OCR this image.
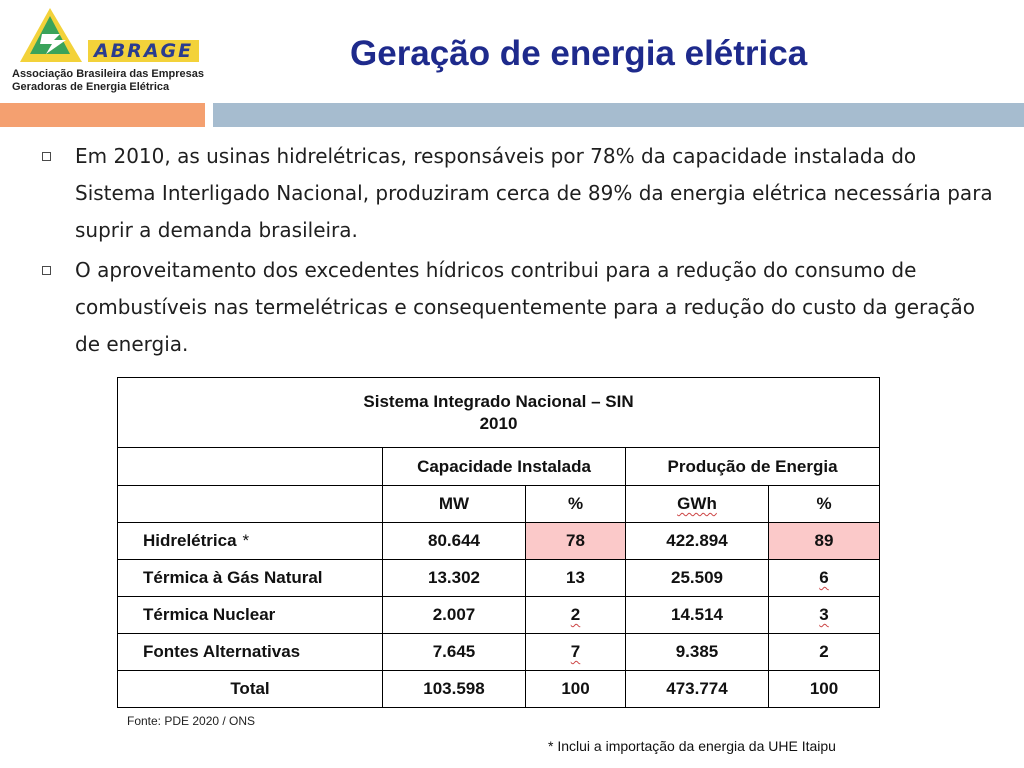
ABRAGE
Associação Brasileira das Empresas
Geradoras de Energia Elétrica
Geração de energia elétrica
Em 2010, as usinas hidrelétricas, responsáveis por 78% da capacidade instalada do Sistema Interligado Nacional, produziram cerca de 89% da energia elétrica necessária para suprir a demanda brasileira.
O aproveitamento dos excedentes hídricos contribui para a redução do consumo de combustíveis nas termelétricas e consequentemente para a redução do custo da geração de energia.
Sistema Integrado Nacional – SIN
2010				

	Capacidade Instalada		Produção de Energia	
	MW	%	GWh	%
Hidrelétrica *	80.644	78	422.894	89
Térmica à Gás Natural	13.302	13	25.509	6
Térmica Nuclear	2.007	2	14.514	3
Fontes Alternativas	7.645	7	9.385	2
Total	103.598	100	473.774	100
Fonte: PDE 2020 / ONS
* Inclui a importação da energia da UHE Itaipu
